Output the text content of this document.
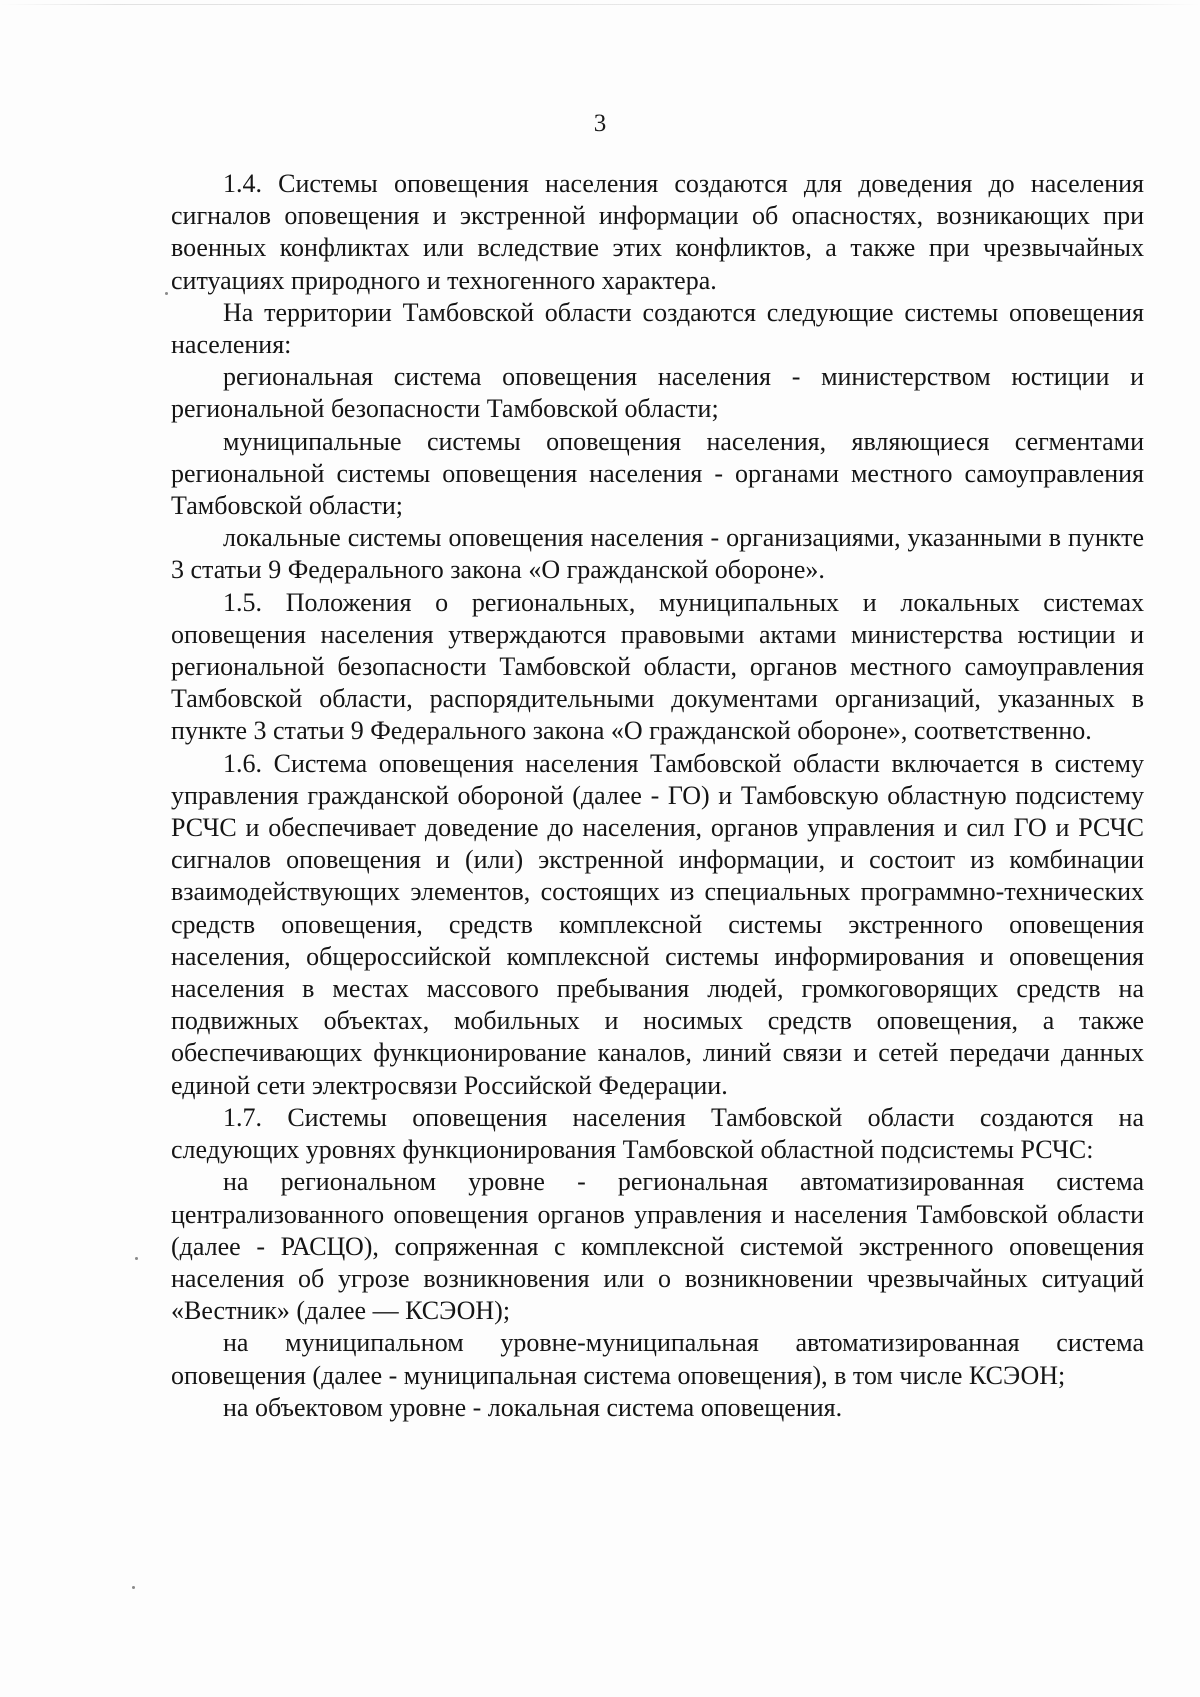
3

1.4. Системы оповещения населения создаются для доведения до населения сигналов оповещения и экстренной информации об опасностях, возникающих при военных конфликтах или вследствие этих конфликтов, а также при чрезвычайных ситуациях природного и техногенного характера.

На территории Тамбовской области создаются следующие системы оповещения населения:

региональная система оповещения населения - министерством юстиции и региональной безопасности Тамбовской области;

муниципальные системы оповещения населения, являющиеся сегментами региональной системы оповещения населения - органами местного самоуправления Тамбовской области;

локальные системы оповещения населения - организациями, указанными в пункте 3 статьи 9 Федерального закона «О гражданской обороне».

1.5. Положения о региональных, муниципальных и локальных системах оповещения населения утверждаются правовыми актами министерства юстиции и региональной безопасности Тамбовской области, органов местного самоуправления Тамбовской области, распорядительными документами организаций, указанных в пункте 3 статьи 9 Федерального закона «О гражданской обороне», соответственно.

1.6. Система оповещения населения Тамбовской области включается в систему управления гражданской обороной (далее - ГО) и Тамбовскую областную подсистему РСЧС и обеспечивает доведение до населения, органов управления и сил ГО и РСЧС сигналов оповещения и (или) экстренной информации, и состоит из комбинации взаимодействующих элементов, состоящих из специальных программно-технических средств оповещения, средств комплексной системы экстренного оповещения населения, общероссийской комплексной системы информирования и оповещения населения в местах массового пребывания людей, громкоговорящих средств на подвижных объектах, мобильных и носимых средств оповещения, а также обеспечивающих функционирование каналов, линий связи и сетей передачи данных единой сети электросвязи Российской Федерации.

1.7. Системы оповещения населения Тамбовской области создаются на следующих уровнях функционирования Тамбовской областной подсистемы РСЧС:

на региональном уровне - региональная автоматизированная система централизованного оповещения органов управления и населения Тамбовской области (далее - РАСЦО), сопряженная с комплексной системой экстренного оповещения населения об угрозе возникновения или о возникновении чрезвычайных ситуаций «Вестник» (далее — КСЭОН);

на муниципальном уровне-муниципальная автоматизированная система оповещения (далее - муниципальная система оповещения), в том числе КСЭОН;

на объектовом уровне - локальная система оповещения.
